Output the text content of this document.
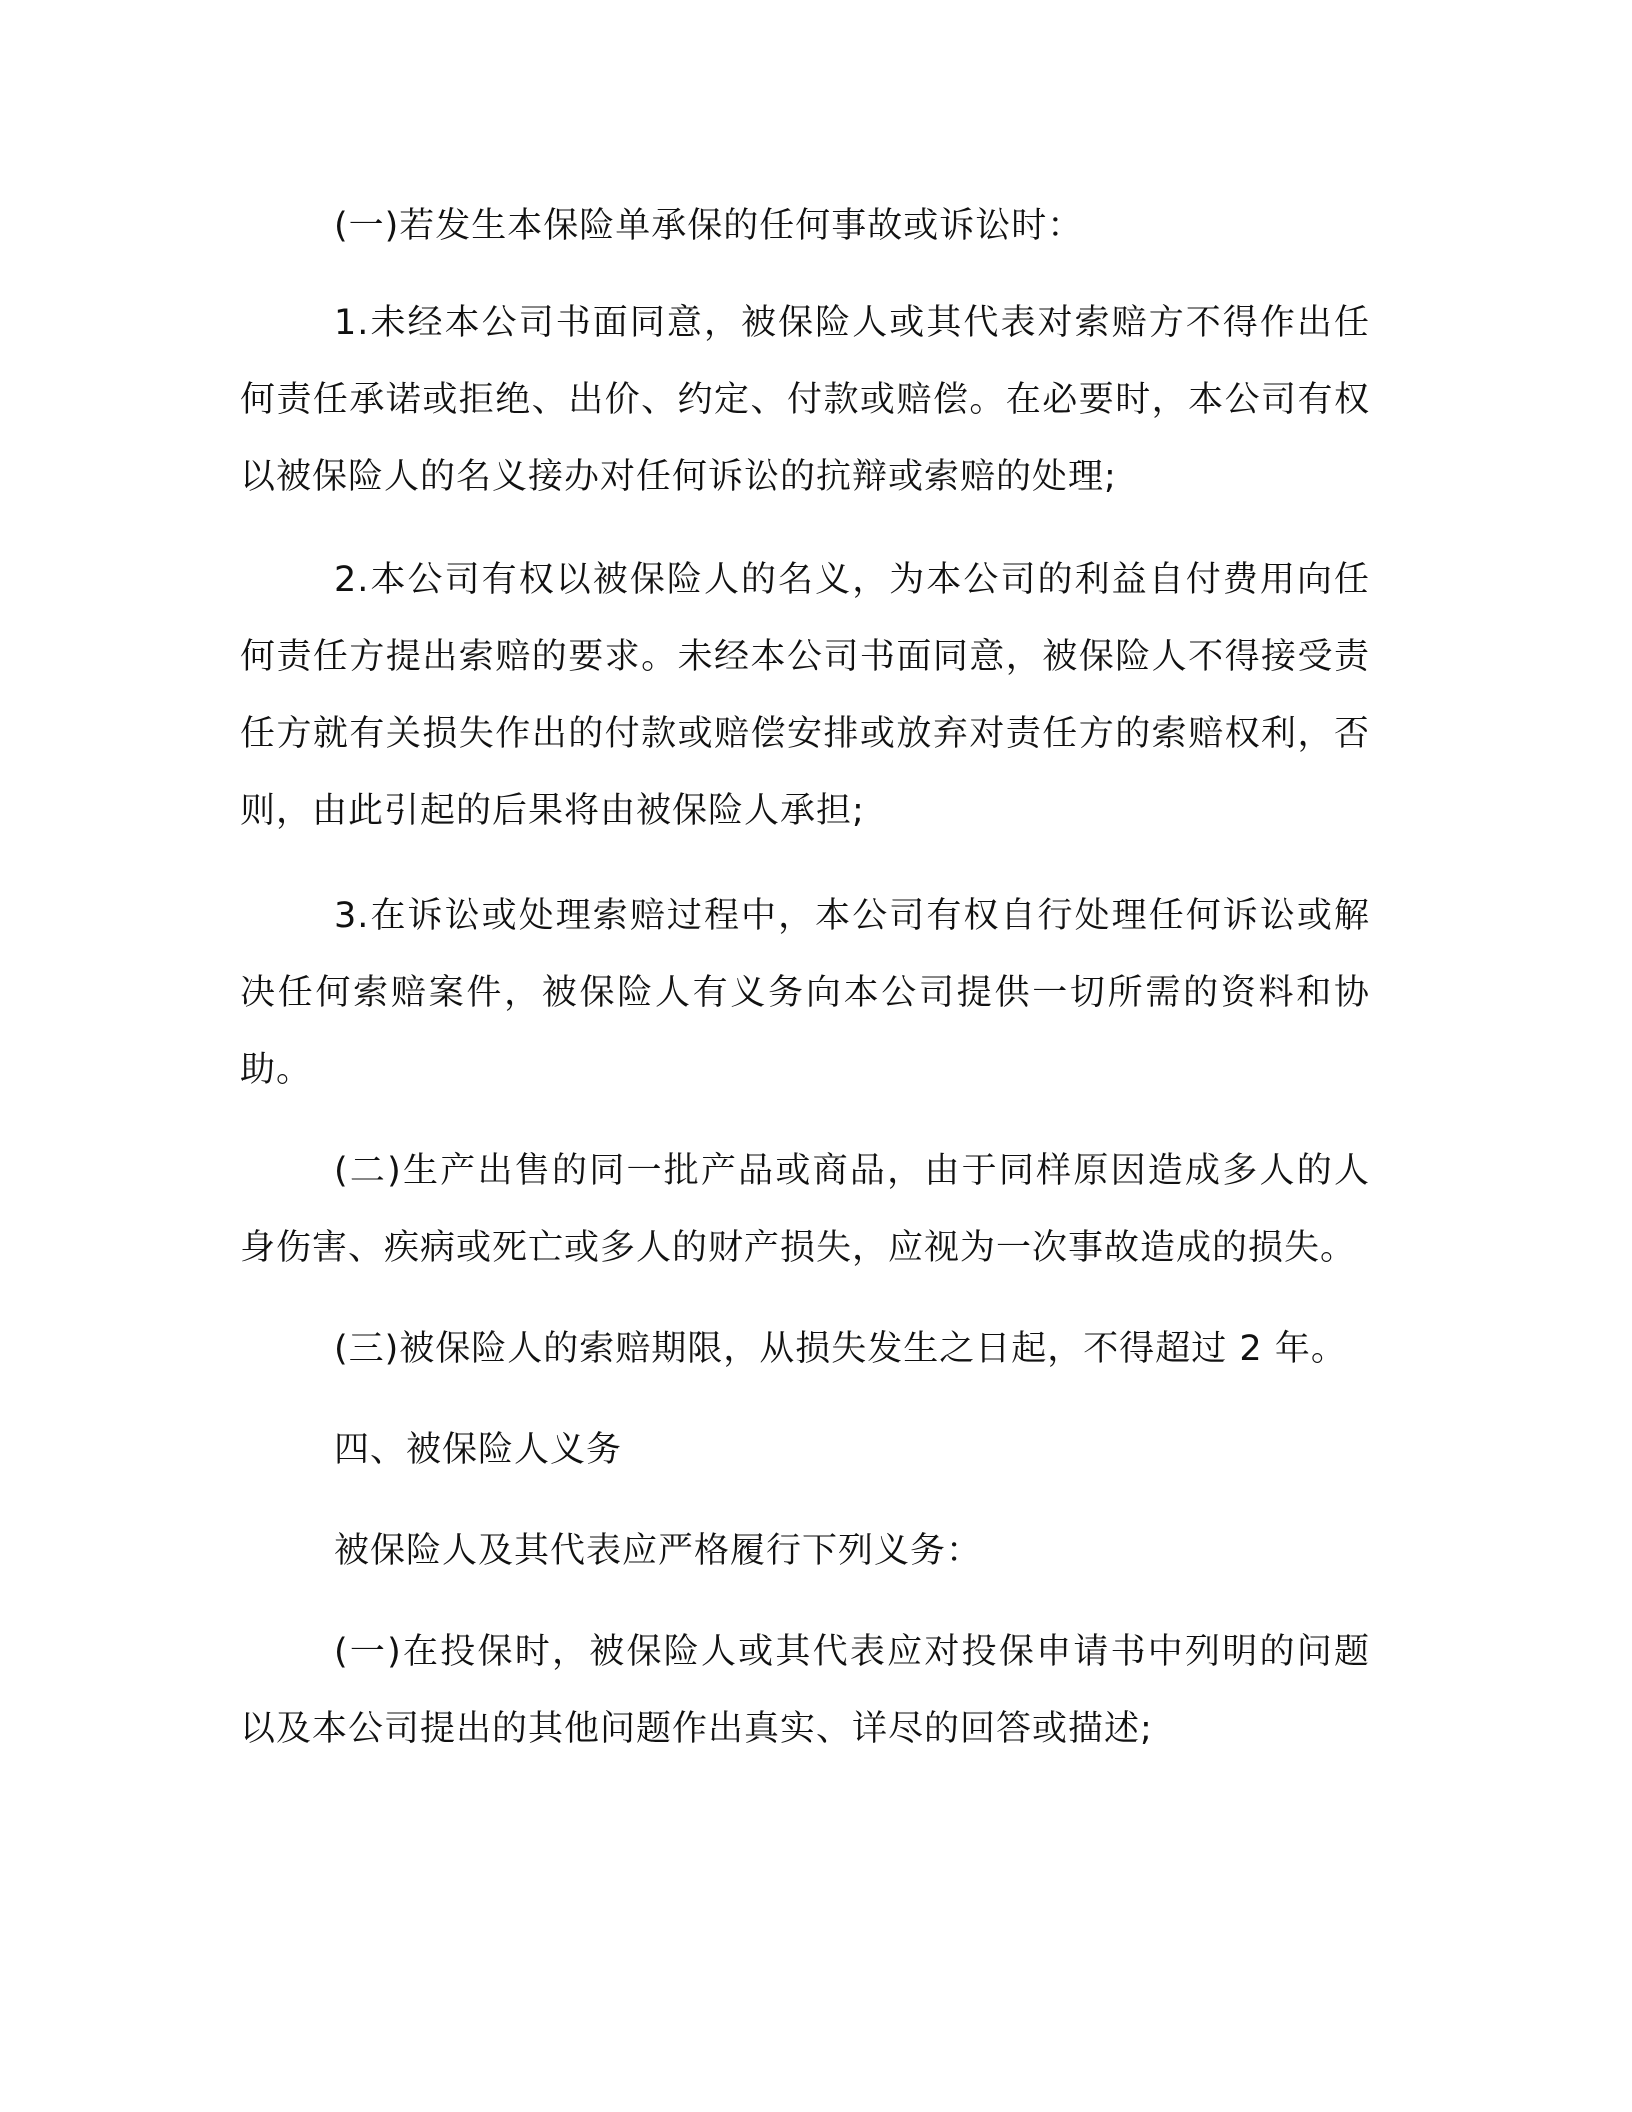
(一)若发生本保险单承保的任何事故或诉讼时：

1.未经本公司书面同意，被保险人或其代表对索赔方不得作出任何责任承诺或拒绝、出价、约定、付款或赔偿。在必要时，本公司有权以被保险人的名义接办对任何诉讼的抗辩或索赔的处理;

2.本公司有权以被保险人的名义，为本公司的利益自付费用向任何责任方提出索赔的要求。未经本公司书面同意，被保险人不得接受责任方就有关损失作出的付款或赔偿安排或放弃对责任方的索赔权利，否则，由此引起的后果将由被保险人承担;

3.在诉讼或处理索赔过程中，本公司有权自行处理任何诉讼或解决任何索赔案件，被保险人有义务向本公司提供一切所需的资料和协助。

(二)生产出售的同一批产品或商品，由于同样原因造成多人的人身伤害、疾病或死亡或多人的财产损失，应视为一次事故造成的损失。

(三)被保险人的索赔期限，从损失发生之日起，不得超过 2 年。

四、被保险人义务

被保险人及其代表应严格履行下列义务：

(一)在投保时，被保险人或其代表应对投保申请书中列明的问题以及本公司提出的其他问题作出真实、详尽的回答或描述;
